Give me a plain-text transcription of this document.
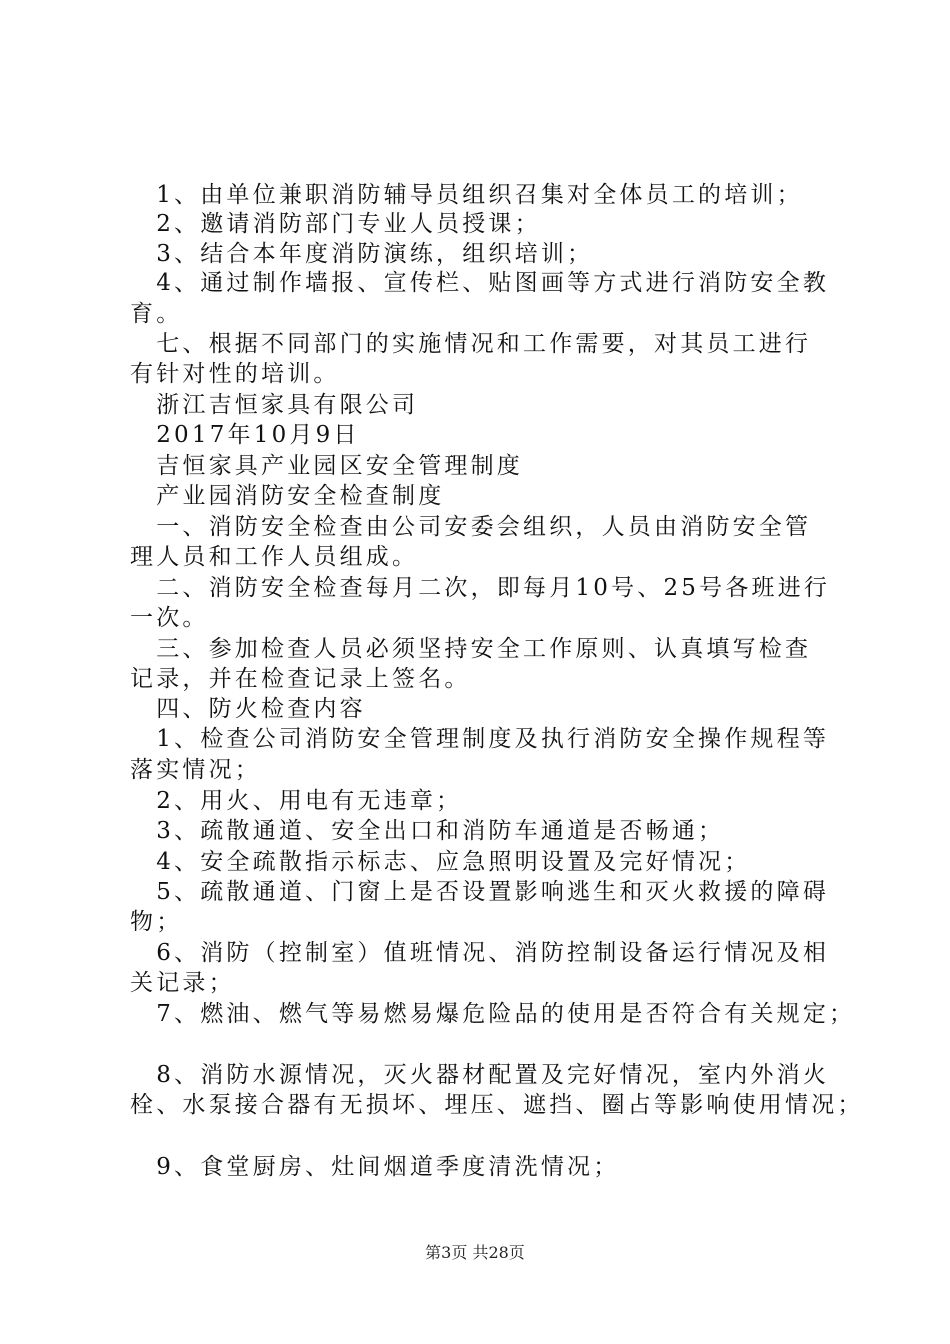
　1、由单位兼职消防辅导员组织召集对全体员工的培训；
　2、邀请消防部门专业人员授课；
　3、结合本年度消防演练，组织培训；
　4、通过制作墙报、宣传栏、贴图画等方式进行消防安全教
育。
　七、根据不同部门的实施情况和工作需要，对其员工进行
有针对性的培训。
　浙江吉恒家具有限公司
　2017年10月9日
　吉恒家具产业园区安全管理制度
　产业园消防安全检查制度
　一、消防安全检查由公司安委会组织，人员由消防安全管
理人员和工作人员组成。
　二、消防安全检查每月二次，即每月10号、25号各班进行
一次。
　三、参加检查人员必须坚持安全工作原则、认真填写检查
记录，并在检查记录上签名。
　四、防火检查内容
　1、检查公司消防安全管理制度及执行消防安全操作规程等
落实情况；
　2、用火、用电有无违章；
　3、疏散通道、安全出口和消防车通道是否畅通；
　4、安全疏散指示标志、应急照明设置及完好情况；
　5、疏散通道、门窗上是否设置影响逃生和灭火救援的障碍
物；
　6、消防（控制室）值班情况、消防控制设备运行情况及相
关记录；
　7、燃油、燃气等易燃易爆危险品的使用是否符合有关规定；
　8、消防水源情况，灭火器材配置及完好情况，室内外消火
栓、水泵接合器有无损坏、埋压、遮挡、圈占等影响使用情况；
　9、食堂厨房、灶间烟道季度清洗情况；
第3页 共28页
